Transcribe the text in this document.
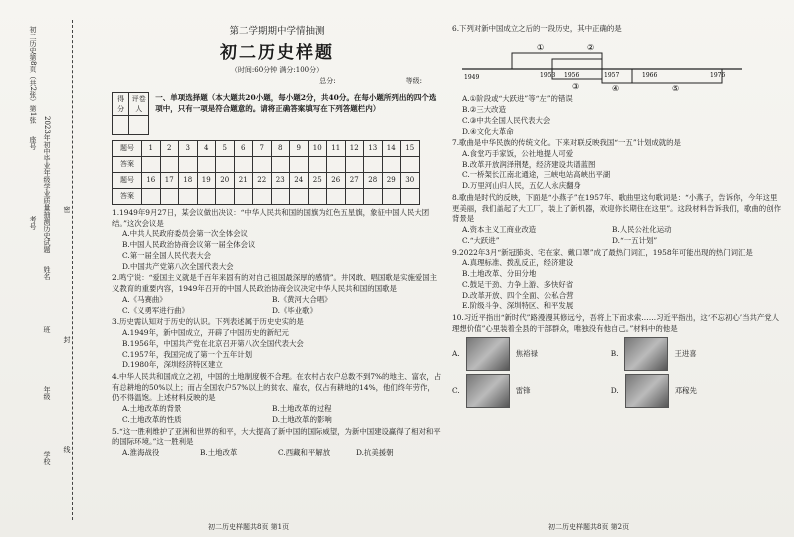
初二历史第8页（共2张）第1张
2023年初中毕业年级学业质量抽测历史试题
座号
考号
姓名
班
年级
学校
密
封
线
第二学期期中学情抽测
初二历史样题
（时间:60分钟 满分:100分）
总分:	等级:
得分	评卷人

一、单项选择题（本大题共20小题，每小题2分，共40分。在每小题所列出的四个选项中，只有一项是符合题意的。请将正确答案填写在下列答题栏内）
题号	1	2	3	4	5	6	7	8	9	10	11	12	13	14	15
答案															
题号	16	17	18	19	20	21	22	23	24	25	26	27	28	29	30
答案															
1.1949年9月27日，某会议做出决议：“中华人民共和国的国旗为红色五星旗，象征中国人民大团结。”这次会议是
A.中共人民政府委员会第一次全体会议
B.中国人民政治协商会议第一届全体会议
C.第一届全国人民代表大会
D.中国共产党第八次全国代表大会
2.鸣宁说：“爱国主义就是千百年来固有的对自己祖国最深厚的感情”。井冈敢、唱国歌是实施爱国主义教育的重要内容，1949年召开的中国人民政治协商会议决定中华人民共和国的国歌是
A.《马赛曲》	B.《黄河大合唱》
C.《义勇军进行曲》	D.《毕业歌》
3.历史需认知对于历史的认识。下列表述属于历史史实的是
A.1949年，新中国成立，开辟了中国历史的新纪元
B.1956年，中国共产党在北京召开第八次全国代表大会
C.1957年，我国完成了第一个五年计划
D.1980年，深圳经济特区建立
4.中华人民共和国成立之初，中国的土地制度极不合理。在农村占农户总数不到7%的地主、富农，占有总耕地的50%以上；而占全国农户57%以上的贫农、雇农，仅占有耕地的14%，他们终年劳作，仍不得温饱。上述材料反映的是
A.土地改革的背景	B.土地改革的过程
C.土地改革的性质	D.土地改革的影响
5.“这一胜利维护了亚洲和世界的和平，大大提高了新中国的国际威望，为新中国建设赢得了相对和平的国际环境。”这一胜利是
A.淮海战役	B.土地改革	C.西藏和平解放	D.抗美援朝
初二历史样题共8页 第1页
6.下列对新中国成立之后的一段历史，其中正确的是
①	②
③	④	⑤
1949	1953 1956	1957	1966	1976
A.①阶段或“大跃进”等“左”的错误
B.②三大改造
C.③中共全国人民代表大会
D.④文化大革命
7.歌曲是中华民族的传统文化。下来对联反映我国“一五”计划成就的是
A.食堂巧手家饭，公社地提人可爱
B.改革开放润泽荆楚，经济建设共谱蓝图
C.一桥架长江南北通途，三峡电站高峡出平湖
D.万里河山归人民，五亿人永庆翻身
8.歌曲是时代的反映，下面是“小燕子”在1957年、歌曲里这句歌词是：“小燕子，告诉你，今年这里更美丽，我们盖起了大工厂，装上了新机器，欢迎你长期住在这里”。这段材料告诉我们，歌曲的创作背景是
A.资本主义工商业改造	B.人民公社化运动
C.“大跃进”	D.“一五计划”
9.2022年3月“新冠肺炎、宅在家、戴口罩”成了最热门词汇，1958年可能出现的热门词汇是
A.真理标准、拨乱反正，经济建设
B.土地改革、分田分地
C.鼓足干劲、力争上游、多快好省
D.改革开放、四个全面、公私合营
E.阶级斗争、深圳特区、和平发展
10.习近平指出“新时代”路漫漫其修远兮，吾将上下而求索……习近平指出，这‘不忘初心’当共产党人理想价值”心里装着全县的干部群众，唯独没有他自己。”材料中的他是
A.	焦裕禄	B.	王进喜
C.	雷锋	D.	邓稼先
初二历史样题共8页 第2页
